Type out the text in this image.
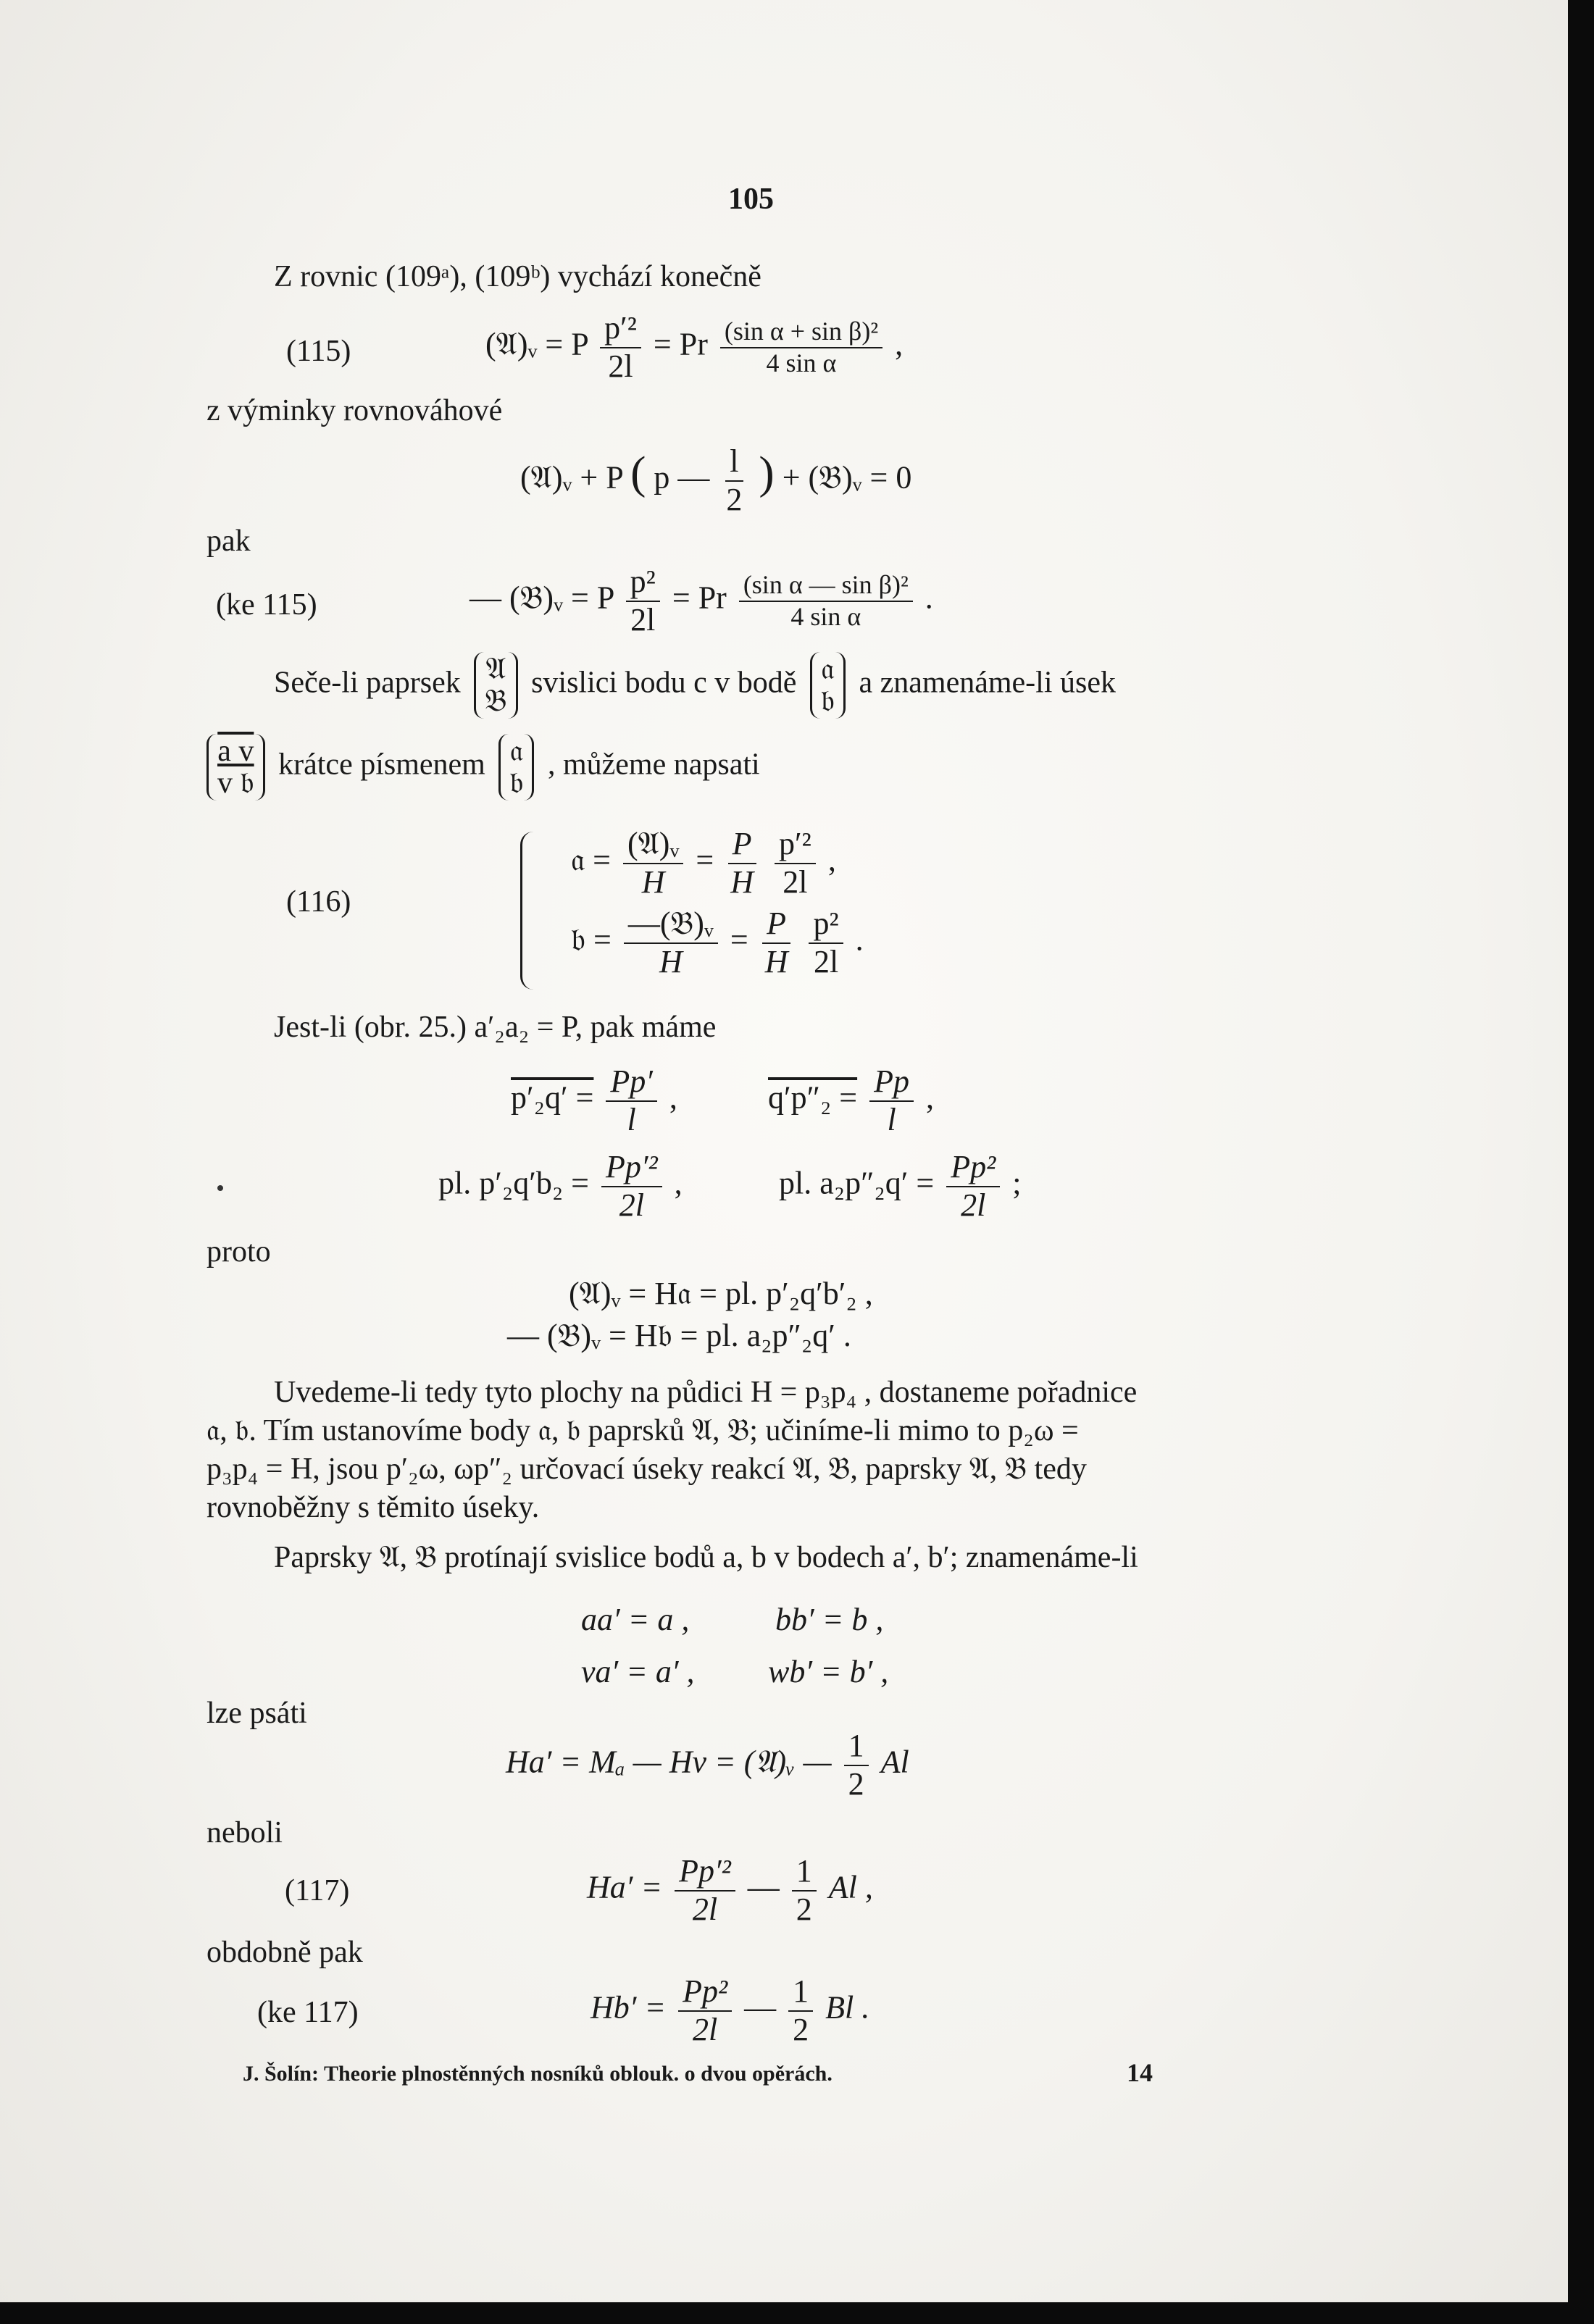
105
Z rovnic (109ᵃ), (109ᵇ) vychází konečně
(115)	(𝔄)ᵥ = P $\frac{\text{p′²}}{2l} = Pr \frac{\text{(sin α + sin β)²}}{\text{4 sin α}}$ ,
z výminky rovnováhové
(𝔄)ᵥ + P ( p — $\frac{l}{2}$ ) + (𝔅)ᵥ = 0
pak
(ke 115)	— (𝔅)ᵥ = P $\frac{\text{p²}}{2l} = Pr \frac{\text{(sin α — sin β)²}}{\text{4 sin α}}$ .
Seče-li paprsek 𝔄
𝔅
svislici bodu c v bodě 𝔞
𝔟
a znamenáme-li úsek
a v
v 𝔟
krátce písmenem 𝔞
𝔟
, můžeme napsati
(116)
𝔞 = $\frac{\text{(𝔄)ᵥ}}{H} = \frac{P}{H}$
$\frac{\text{p′²}}{2l}$ ,
𝔟 = $\frac{\text{—(𝔅)ᵥ}}{H} = \frac{P}{H}$
$\frac{\text{p²}}{2l}$ .
Jest-li (obr. 25.) a′₂a₂ = P, pak máme
$p'_2q' = \frac{Pp'}{l}$ ,	$q'p''_2 = \frac{Pp}{l}$ ,
pl. $p'_2q'b_2 = \frac{\text{Pp′²}}{2l}$ ,	pl. $a_2p''_2q' = \frac{\text{Pp²}}{2l}$ ;
proto
(𝔄)ᵥ = H𝔞 = pl. p′₂q′b′₂ ,
— (𝔅)ᵥ = H𝔟 = pl. a₂p″₂q′ .
Uvedeme-li tedy tyto plochy na půdici H = p₃p₄ , dostaneme pořadnice
𝔞, 𝔟. Tím ustanovíme body 𝔞, 𝔟 paprsků 𝔄, 𝔅; učiníme-li mimo to p₂ω =
p₃p₄ = H, jsou p′₂ω, ωp″₂ určovací úseky reakcí 𝔄, 𝔅, paprsky 𝔄, 𝔅 tedy
rovnoběžny s těmito úseky.
Paprsky 𝔄, 𝔅 protínají svislice bodů a, b v bodech a′, b′; znamenáme-li
aa′ = a ,	bb′ = b ,
va′ = a′ , wb′ = b′ ,
lze psáti
Ha′ = Mₐ — Hv = (𝔄)ᵥ — $\frac{1}{2}$ Al
neboli
(117)	$Ha' = \frac{\text{Pp′²}}{2l}$ — $\frac{1}{2}$ Al ,
obdobně pak
(ke 117)	$Hb' = \frac{\text{Pp²}}{2l}$ — $\frac{1}{2}$ Bl .
J. Šolín: Theorie plnostěnných nosníků oblouk. o dvou opěrách.	14
